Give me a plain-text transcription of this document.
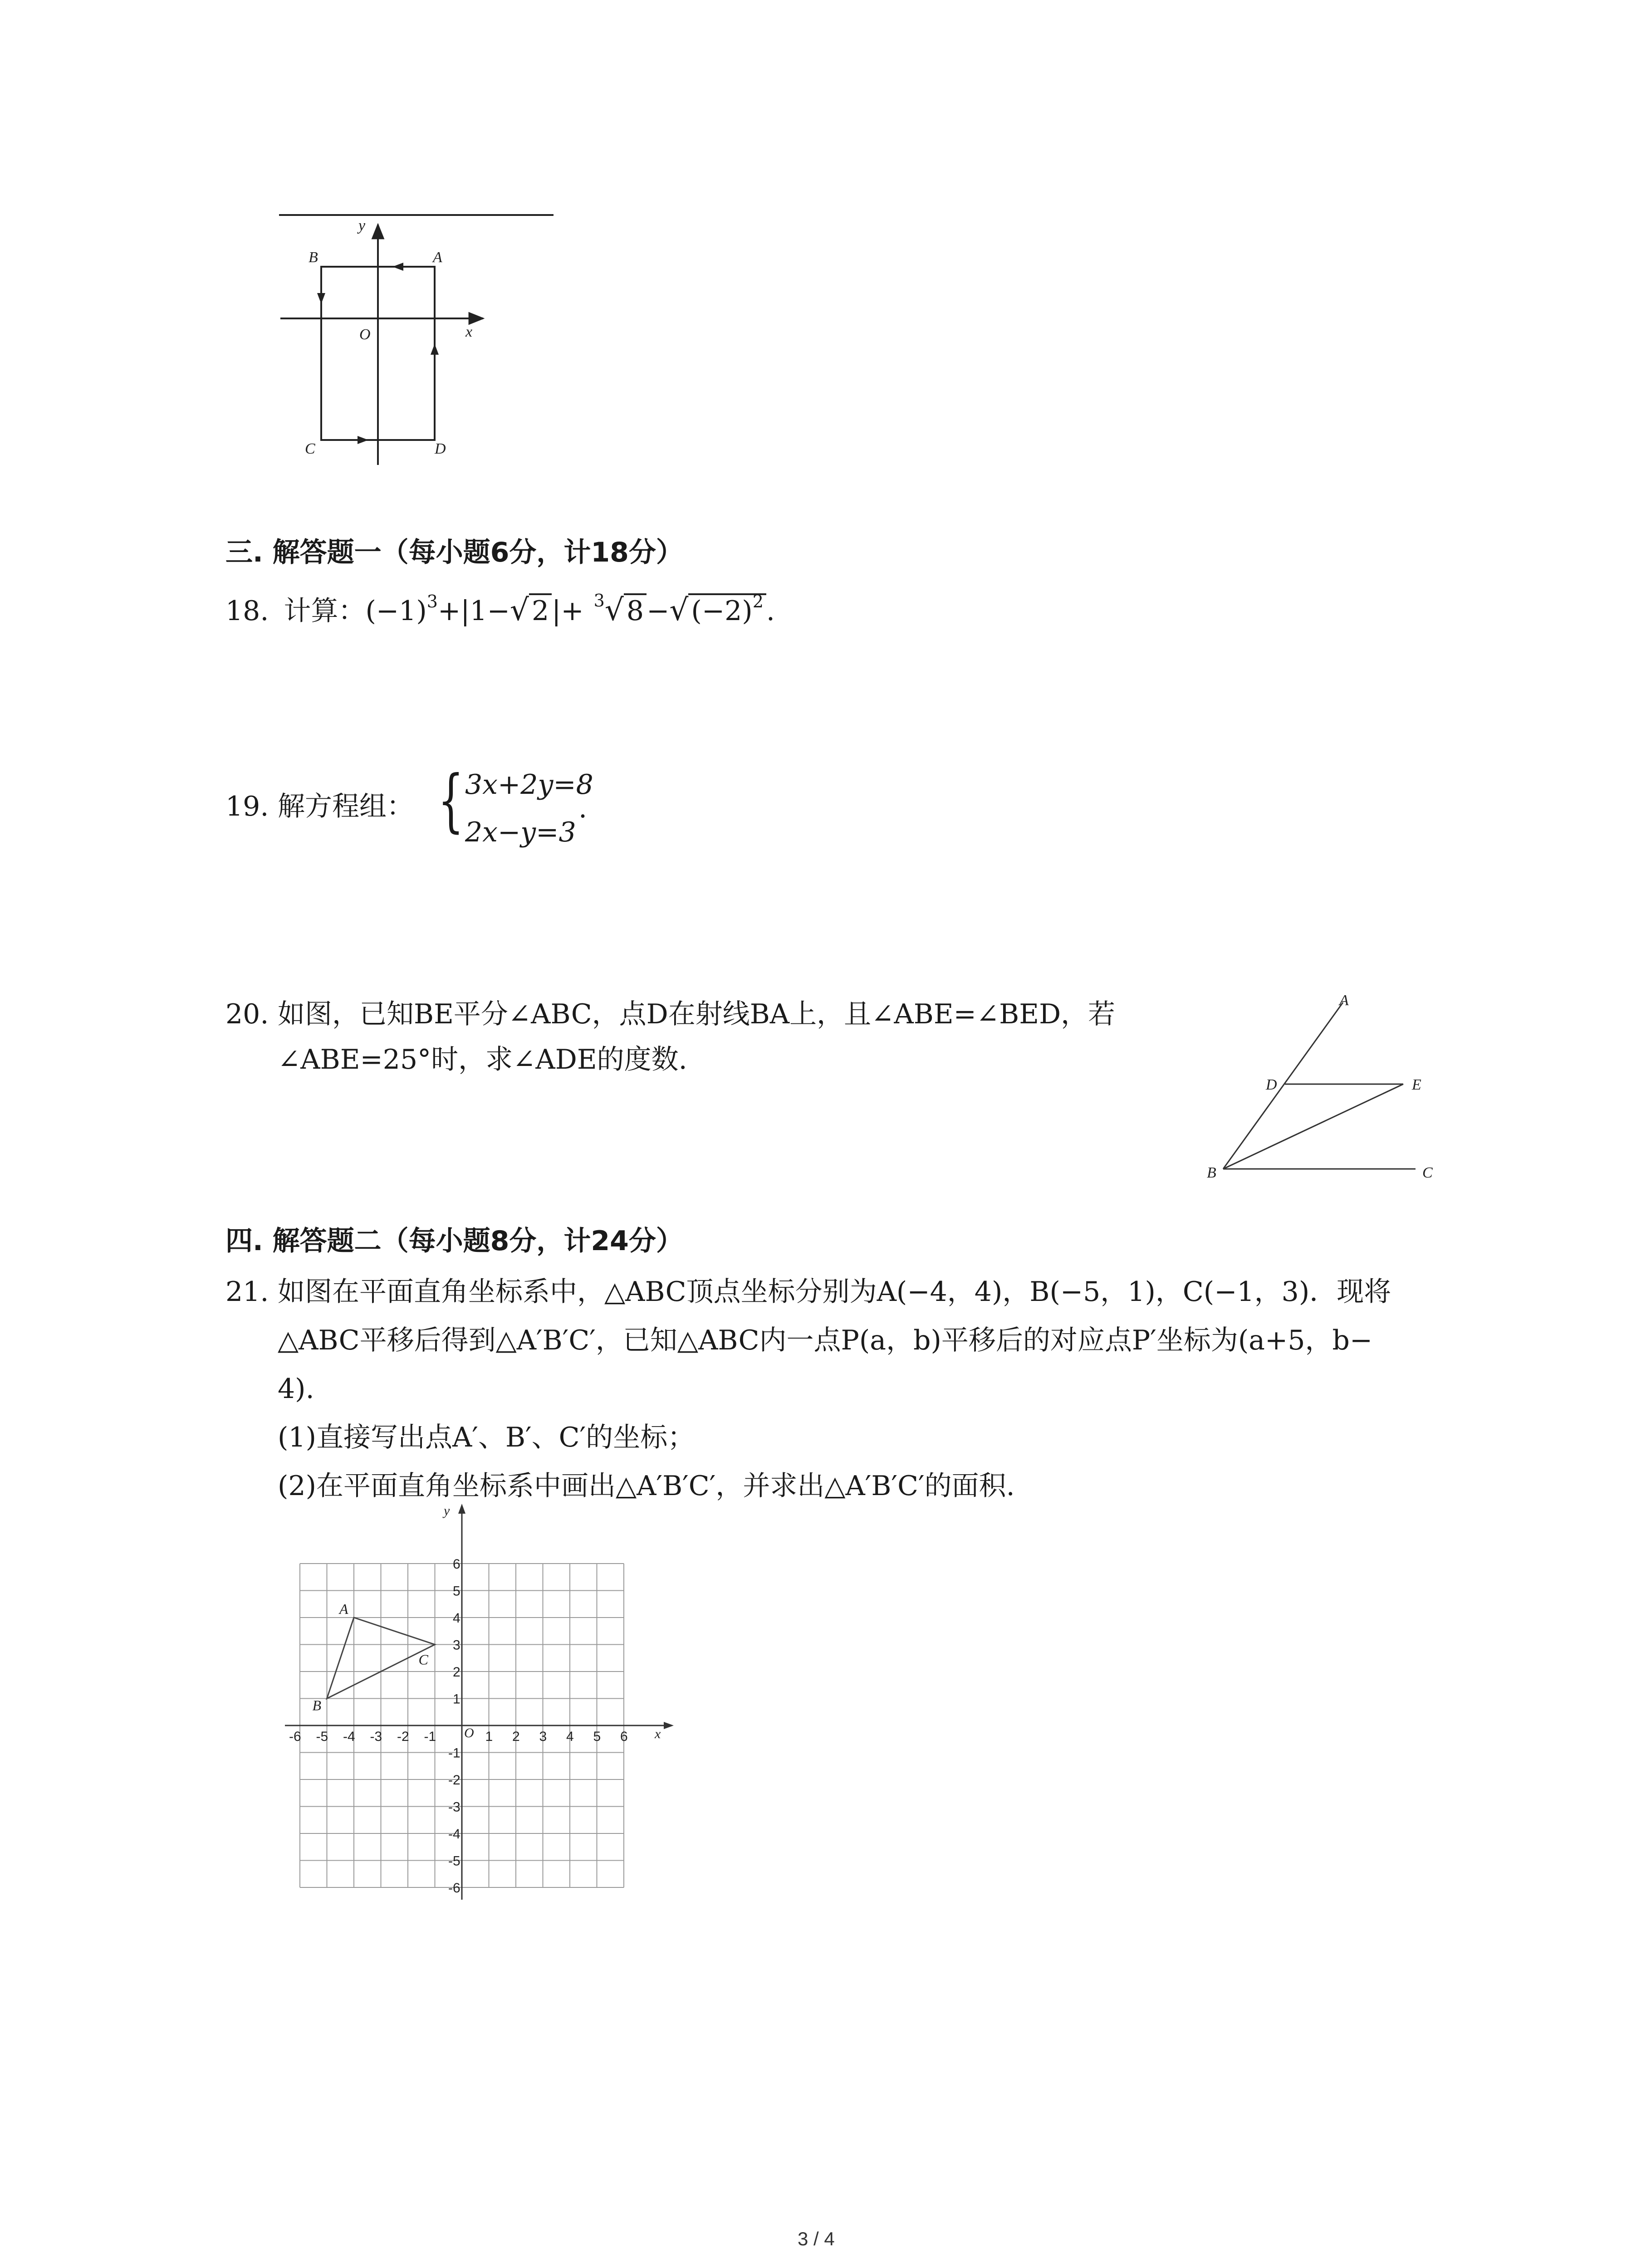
y
x
O
A
B
C	D
三. 解答题一（每小题6分，计18分）
18. 计算：$(-1)^3+|1-√$ 2 |+ $^3$√ 8 −√ $(-2)^2$ .
19. 解方程组： { 3x+2y=8
2x−y=3
.
20. 如图，已知BE平分∠ABC，点D在射线BA上，且∠ABE=∠BED，若
∠ABE=25°时，求∠ADE的度数.
A
D	E
B	C
四. 解答题二（每小题8分，计24分）
21. 如图在平面直角坐标系中，△ABC顶点坐标分别为A(−4，4)，B(−5，1)，C(−1，3)．现将
△ABC平移后得到△A′B′C′，已知△ABC内一点P(a，b)平移后的对应点P′坐标为(a+5，b−
4).
(1)直接写出点A′、B′、C′的坐标；
(2)在平面直角坐标系中画出△A′B′C′，并求出△A′B′C′的面积.
x
y
O
-6 -5 -4 -3 -2 -1	1 2 3 4 5 6
6
5
4
3
2
1
-1
-2
-3
-4
-5
-6
A
B
C
3 / 4
